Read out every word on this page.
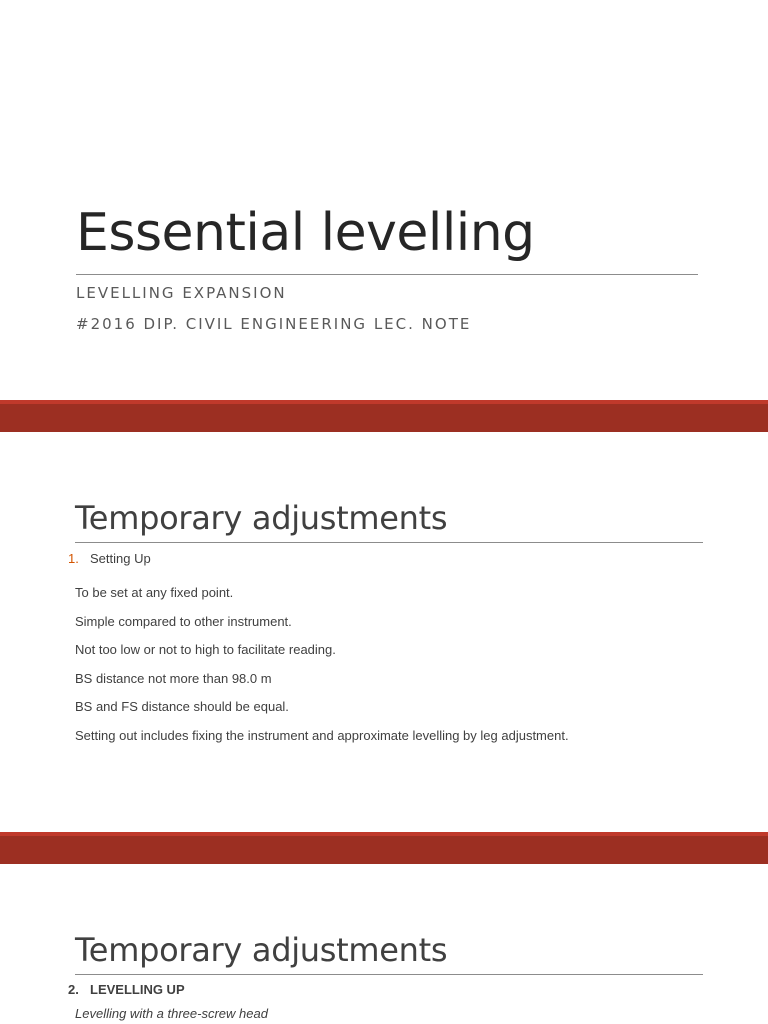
Essential levelling

LEVELLING EXPANSION

#2016 DIP. CIVIL ENGINEERING LEC. NOTE

Temporary adjustments

1. Setting Up

To be set at any fixed point.
Simple compared to other instrument.
Not too low or not to high to facilitate reading.
BS distance not more than 98.0 m
BS and FS distance should be equal.
Setting out includes fixing the instrument and approximate levelling by leg adjustment.
Temporary adjustments

2. LEVELLING UP

Levelling with a three-screw head
